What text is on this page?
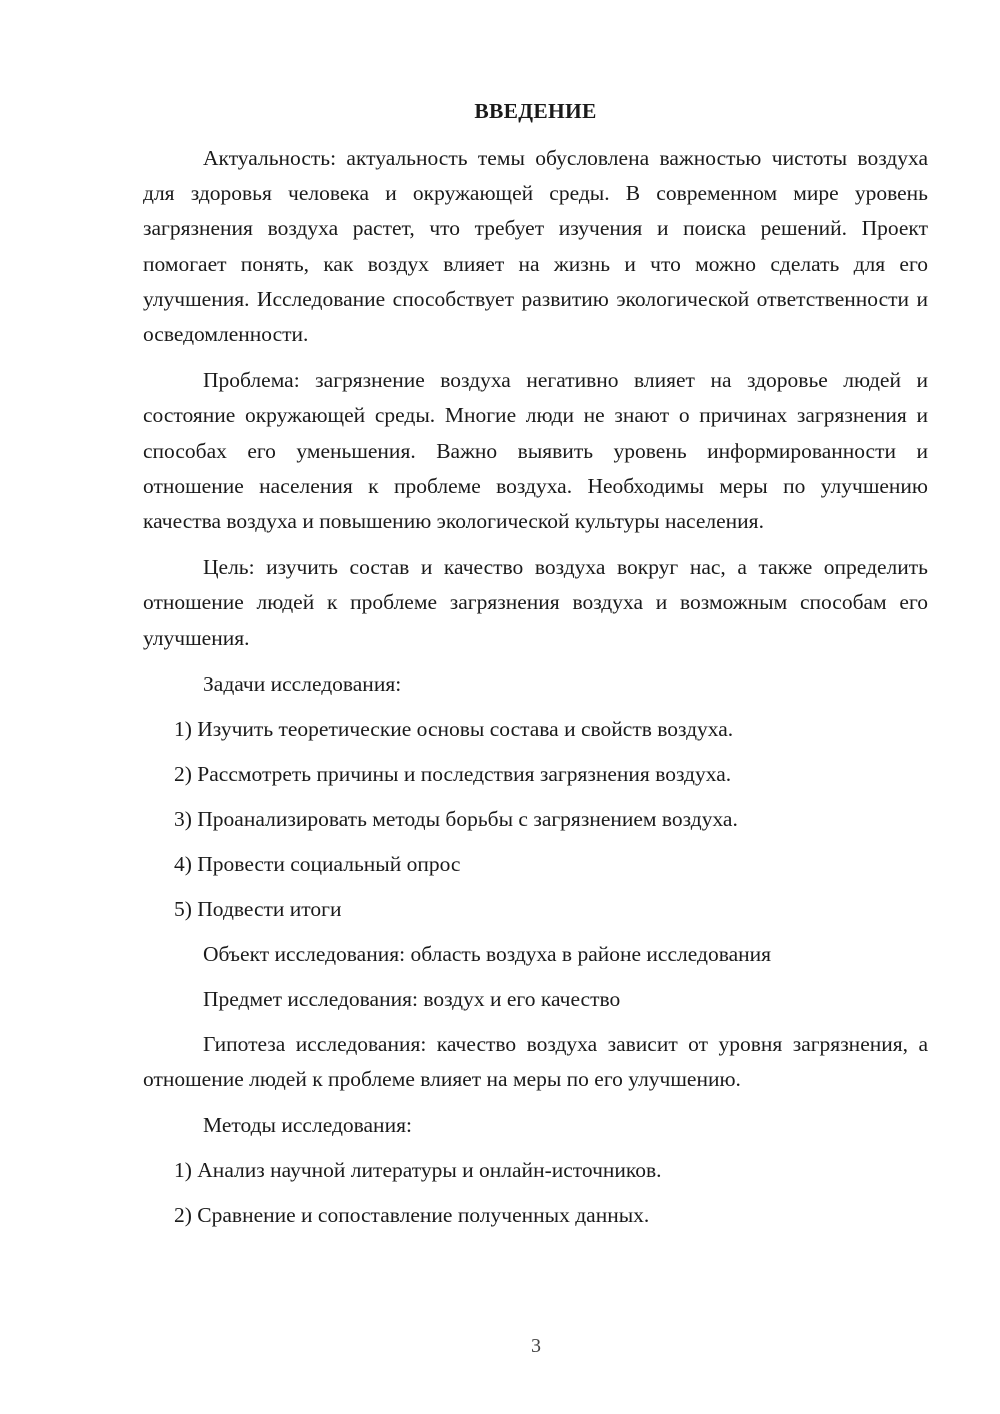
ВВЕДЕНИЕ

Актуальность: актуальность темы обусловлена важностью чистоты воздуха для здоровья человека и окружающей среды. В современном мире уровень загрязнения воздуха растет, что требует изучения и поиска решений. Проект помогает понять, как воздух влияет на жизнь и что можно сделать для его улучшения. Исследование способствует развитию экологической ответственности и осведомленности.

Проблема: загрязнение воздуха негативно влияет на здоровье людей и состояние окружающей среды. Многие люди не знают о причинах загрязнения и способах его уменьшения. Важно выявить уровень информированности и отношение населения к проблеме воздуха. Необходимы меры по улучшению качества воздуха и повышению экологической культуры населения.

Цель: изучить состав и качество воздуха вокруг нас, а также определить отношение людей к проблеме загрязнения воздуха и возможным способам его улучшения.

Задачи исследования:
1) Изучить теоретические основы состава и свойств воздуха.
2) Рассмотреть причины и последствия загрязнения воздуха.
3) Проанализировать методы борьбы с загрязнением воздуха.
4) Провести социальный опрос
5) Подвести итоги
Объект исследования: область воздуха в районе исследования
Предмет исследования: воздух и его качество

Гипотеза исследования: качество воздуха зависит от уровня загрязнения, а отношение людей к проблеме влияет на меры по его улучшению.

Методы исследования:
1) Анализ научной литературы и онлайн-источников.
2) Сравнение и сопоставление полученных данных.
3
